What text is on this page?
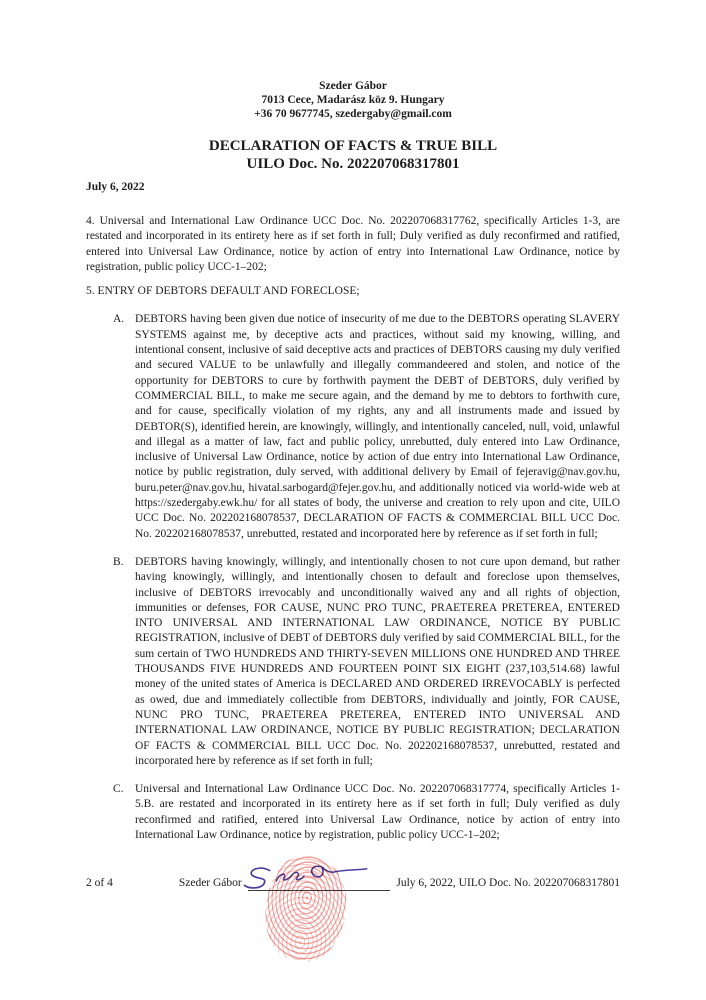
Szeder Gábor
7013 Cece, Madarász köz 9. Hungary
+36 70 9677745, szedergaby@gmail.com
DECLARATION OF FACTS & TRUE BILL
UILO Doc. No. 202207068317801
July 6, 2022

4. Universal and International Law Ordinance UCC Doc. No. 202207068317762, specifically Articles 1-3, are restated and incorporated in its entirety here as if set forth in full; Duly verified as duly reconfirmed and ratified, entered into Universal Law Ordinance, notice by action of entry into International Law Ordinance, notice by registration, public policy UCC-1–202;

5. ENTRY OF DEBTORS DEFAULT AND FORECLOSE;

A. DEBTORS having been given due notice of insecurity of me due to the DEBTORS operating SLAVERY SYSTEMS against me, by deceptive acts and practices, without said my knowing, willing, and intentional consent, inclusive of said deceptive acts and practices of DEBTORS causing my duly verified and secured VALUE to be unlawfully and illegally commandeered and stolen, and notice of the opportunity for DEBTORS to cure by forthwith payment the DEBT of DEBTORS, duly verified by COMMERCIAL BILL, to make me secure again, and the demand by me to debtors to forthwith cure, and for cause, specifically violation of my rights, any and all instruments made and issued by DEBTOR(S), identified herein, are knowingly, willingly, and intentionally canceled, null, void, unlawful and illegal as a matter of law, fact and public policy, unrebutted, duly entered into Law Ordinance, inclusive of Universal Law Ordinance, notice by action of due entry into International Law Ordinance, notice by public registration, duly served, with additional delivery by Email of fejeravig@nav.gov.hu, buru.peter@nav.gov.hu, hivatal.sarbogard@fejer.gov.hu, and additionally noticed via world-wide web at https://szedergaby.ewk.hu/ for all states of body, the universe and creation to rely upon and cite, UILO UCC Doc. No. 202202168078537, DECLARATION OF FACTS & COMMERCIAL BILL UCC Doc. No. 202202168078537, unrebutted, restated and incorporated here by reference as if set forth in full;
B. DEBTORS having knowingly, willingly, and intentionally chosen to not cure upon demand, but rather having knowingly, willingly, and intentionally chosen to default and foreclose upon themselves, inclusive of DEBTORS irrevocably and unconditionally waived any and all rights of objection, immunities or defenses, FOR CAUSE, NUNC PRO TUNC, PRAETEREA PRETEREA, ENTERED INTO UNIVERSAL AND INTERNATIONAL LAW ORDINANCE, NOTICE BY PUBLIC REGISTRATION, inclusive of DEBT of DEBTORS duly verified by said COMMERCIAL BILL, for the sum certain of TWO HUNDREDS AND THIRTY-SEVEN MILLIONS ONE HUNDRED AND THREE THOUSANDS FIVE HUNDREDS AND FOURTEEN POINT SIX EIGHT (237,103,514.68) lawful money of the united states of America is DECLARED AND ORDERED IRREVOCABLY is perfected as owed, due and immediately collectible from DEBTORS, individually and jointly, FOR CAUSE, NUNC PRO TUNC, PRAETEREA PRETEREA, ENTERED INTO UNIVERSAL AND INTERNATIONAL LAW ORDINANCE, NOTICE BY PUBLIC REGISTRATION; DECLARATION OF FACTS & COMMERCIAL BILL UCC Doc. No. 202202168078537, unrebutted, restated and incorporated here by reference as if set forth in full;
C. Universal and International Law Ordinance UCC Doc. No. 202207068317774, specifically Articles 1-5.B. are restated and incorporated in its entirety here as if set forth in full; Duly verified as duly reconfirmed and ratified, entered into Universal Law Ordinance, notice by action of entry into International Law Ordinance, notice by registration, public policy UCC-1–202;
2 of 4	Szeder Gábor	July 6, 2022, UILO Doc. No. 202207068317801
